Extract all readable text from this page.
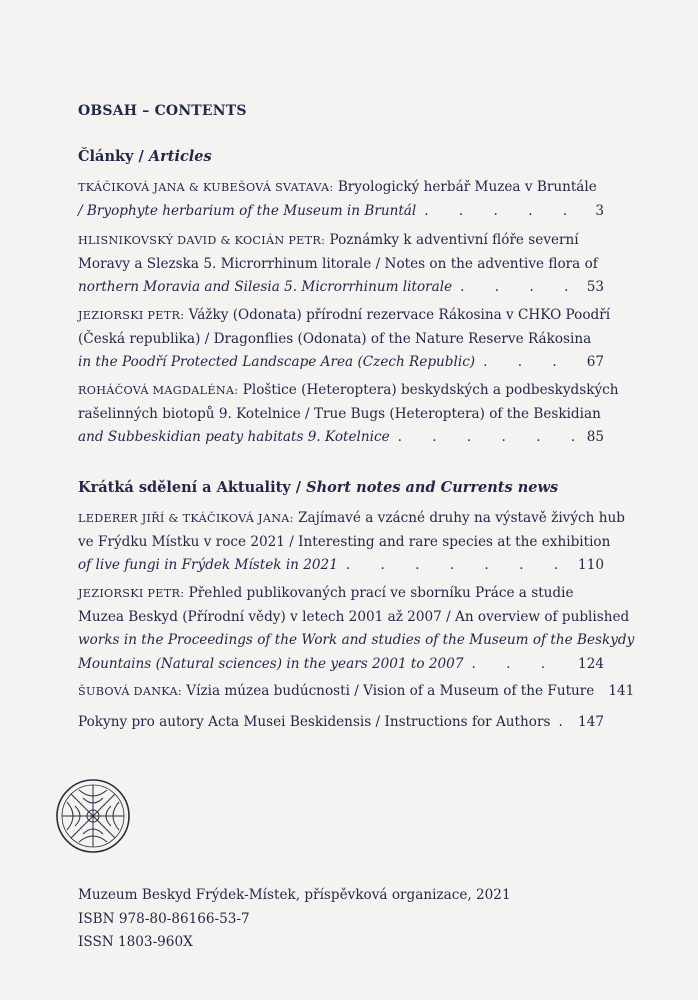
OBSAH – CONTENTS
Články / Articles
TKÁČIKOVÁ JANA & KUBEŠOVÁ SVATAVA: Bryologický herbář Muzea v Bruntále
/ Bryophyte herbarium of the Museum in Bruntál . . .	3
HLISNIKOVSKÝ DAVID & KOCIÁN PETR: Poznámky k adventivní flóře severní
Moravy a Slezska 5. Microrrhinum litorale / Notes on the adventive flora of
northern Moravia and Silesia 5. Microrrhinum litorale . . .	53
JEZIORSKI PETR: Vážky (Odonata) přírodní rezervace Rákosina v CHKO Poodří
(Česká republika) / Dragonflies (Odonata) of the Nature Reserve Rákosina
in the Poodří Protected Landscape Area (Czech Republic) . . .	67
ROHÁČOVÁ MAGDALÉNA: Ploštice (Heteroptera) beskydských a podbeskydských
rašelinných biotopů 9. Kotelnice / True Bugs (Heteroptera) of the Beskidian
and Subbeskidian peaty habitats 9. Kotelnice . . .	85
Krátká sdělení a Aktuality / Short notes and Currents news
LEDERER JIŘÍ & TKÁČIKOVÁ JANA: Zajímavé a vzácné druhy na výstavě živých hub
ve Frýdku Místku v roce 2021 / Interesting and rare species at the exhibition
of live fungi in Frýdek Místek in 2021 . . .	110
JEZIORSKI PETR: Přehled publikovaných prací ve sborníku Práce a studie
Muzea Beskyd (Přírodní vědy) v letech 2001 až 2007 / An overview of published
works in the Proceedings of the Work and studies of the Museum of the Beskydy
Mountains (Natural sciences) in the years 2001 to 2007 . . .	124
ŠUBOVÁ DANKA: Vízia múzea budúcnosti / Vision of a Museum of the Future . . .	141
Pokyny pro autory Acta Musei Beskidensis / Instructions for Authors . . .	147
Muzeum Beskyd Frýdek-Místek, příspěvková organizace, 2021
ISBN 978-80-86166-53-7
ISSN 1803-960X
